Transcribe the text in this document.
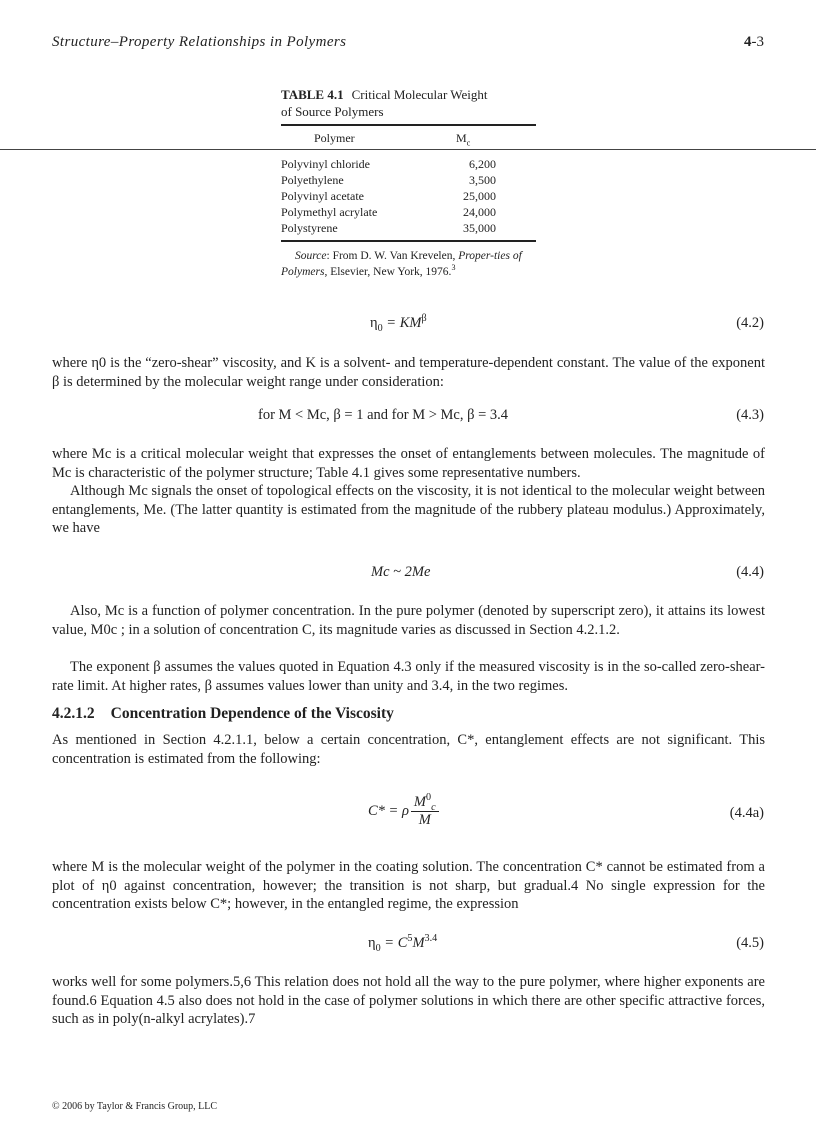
Structure–Property Relationships in Polymers	4-3
TABLE 4.1 Critical Molecular Weight
of Source Polymers
Polymer	$M_c$
Polyvinyl chloride	6,200
Polyethylene	3,500
Polyvinyl acetate	25,000
Polymethyl acrylate	24,000
Polystyrene	35,000
Source: From D. W. Van Krevelen, Proper-ties of Polymers, Elsevier, New York, 1976.$^3$
$\eta_0 = KM^\beta$	(4.2)

where η0 is the “zero-shear” viscosity, and K is a solvent- and temperature-dependent constant. The value of the exponent β is determined by the molecular weight range under consideration:

for M < Mc, β = 1 and for M > Mc, β = 3.4	(4.3)

where Mc is a critical molecular weight that expresses the onset of entanglements between molecules. The magnitude of Mc is characteristic of the polymer structure; Table 4.1 gives some representative numbers.

Although Mc signals the onset of topological effects on the viscosity, it is not identical to the molecular weight between entanglements, Me. (The latter quantity is estimated from the magnitude of the rubbery plateau modulus.) Approximately, we have

Mc ~ 2Me	(4.4)

Also, Mc is a function of polymer concentration. In the pure polymer (denoted by superscript zero), it attains its lowest value, M0c ; in a solution of concentration C, its magnitude varies as discussed in Section 4.2.1.2.

The exponent β assumes the values quoted in Equation 4.3 only if the measured viscosity is in the so-called zero-shear-rate limit. At higher rates, β assumes values lower than unity and 3.4, in the two regimes.

4.2.1.2 Concentration Dependence of the Viscosity

As mentioned in Section 4.2.1.1, below a certain concentration, C*, entanglement effects are not significant. This concentration is estimated from the following:

C* = ρ $\frac{M^0_c}{M}$	(4.4a)

where M is the molecular weight of the polymer in the coating solution. The concentration C* cannot be estimated from a plot of η0 against concentration, however; the transition is not sharp, but gradual.4 No single expression for the concentration exists below C*; however, in the entangled regime, the expression

$\eta_0 = C^5M^{3.4}$	(4.5)

works well for some polymers.5,6 This relation does not hold all the way to the pure polymer, where higher exponents are found.6 Equation 4.5 also does not hold in the case of polymer solutions in which there are other specific attractive forces, such as in poly(n-alkyl acrylates).7

© 2006 by Taylor & Francis Group, LLC
